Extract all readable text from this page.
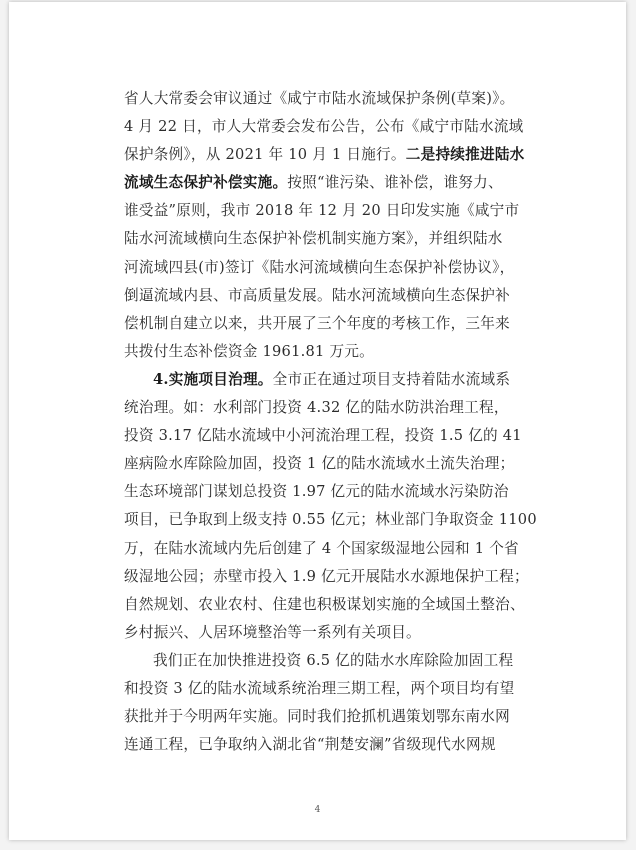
省人大常委会审议通过《咸宁市陆水流域保护条例(草案)》。
4 月 22 日，市人大常委会发布公告，公布《咸宁市陆水流域
保护条例》，从 2021 年 10 月 1 日施行。二是持续推进陆水
流域生态保护补偿实施。按照“谁污染、谁补偿，谁努力、
谁受益”原则，我市 2018 年 12 月 20 日印发实施《咸宁市
陆水河流域横向生态保护补偿机制实施方案》，并组织陆水
河流域四县(市)签订《陆水河流域横向生态保护补偿协议》，
倒逼流域内县、市高质量发展。陆水河流域横向生态保护补
偿机制自建立以来，共开展了三个年度的考核工作，三年来
共拨付生态补偿资金 1961.81 万元。
4.实施项目治理。全市正在通过项目支持着陆水流域系
统治理。如：水利部门投资 4.32 亿的陆水防洪治理工程，
投资 3.17 亿陆水流域中小河流治理工程，投资 1.5 亿的 41
座病险水库除险加固，投资 1 亿的陆水流域水土流失治理；
生态环境部门谋划总投资 1.97 亿元的陆水流域水污染防治
项目，已争取到上级支持 0.55 亿元；林业部门争取资金 1100
万，在陆水流域内先后创建了 4 个国家级湿地公园和 1 个省
级湿地公园；赤壁市投入 1.9 亿元开展陆水水源地保护工程；
自然规划、农业农村、住建也积极谋划实施的全域国土整治、
乡村振兴、人居环境整治等一系列有关项目。
我们正在加快推进投资 6.5 亿的陆水水库除险加固工程
和投资 3 亿的陆水流域系统治理三期工程，两个项目均有望
获批并于今明两年实施。同时我们抢抓机遇策划鄂东南水网
连通工程，已争取纳入湖北省“荆楚安澜”省级现代水网规
4
